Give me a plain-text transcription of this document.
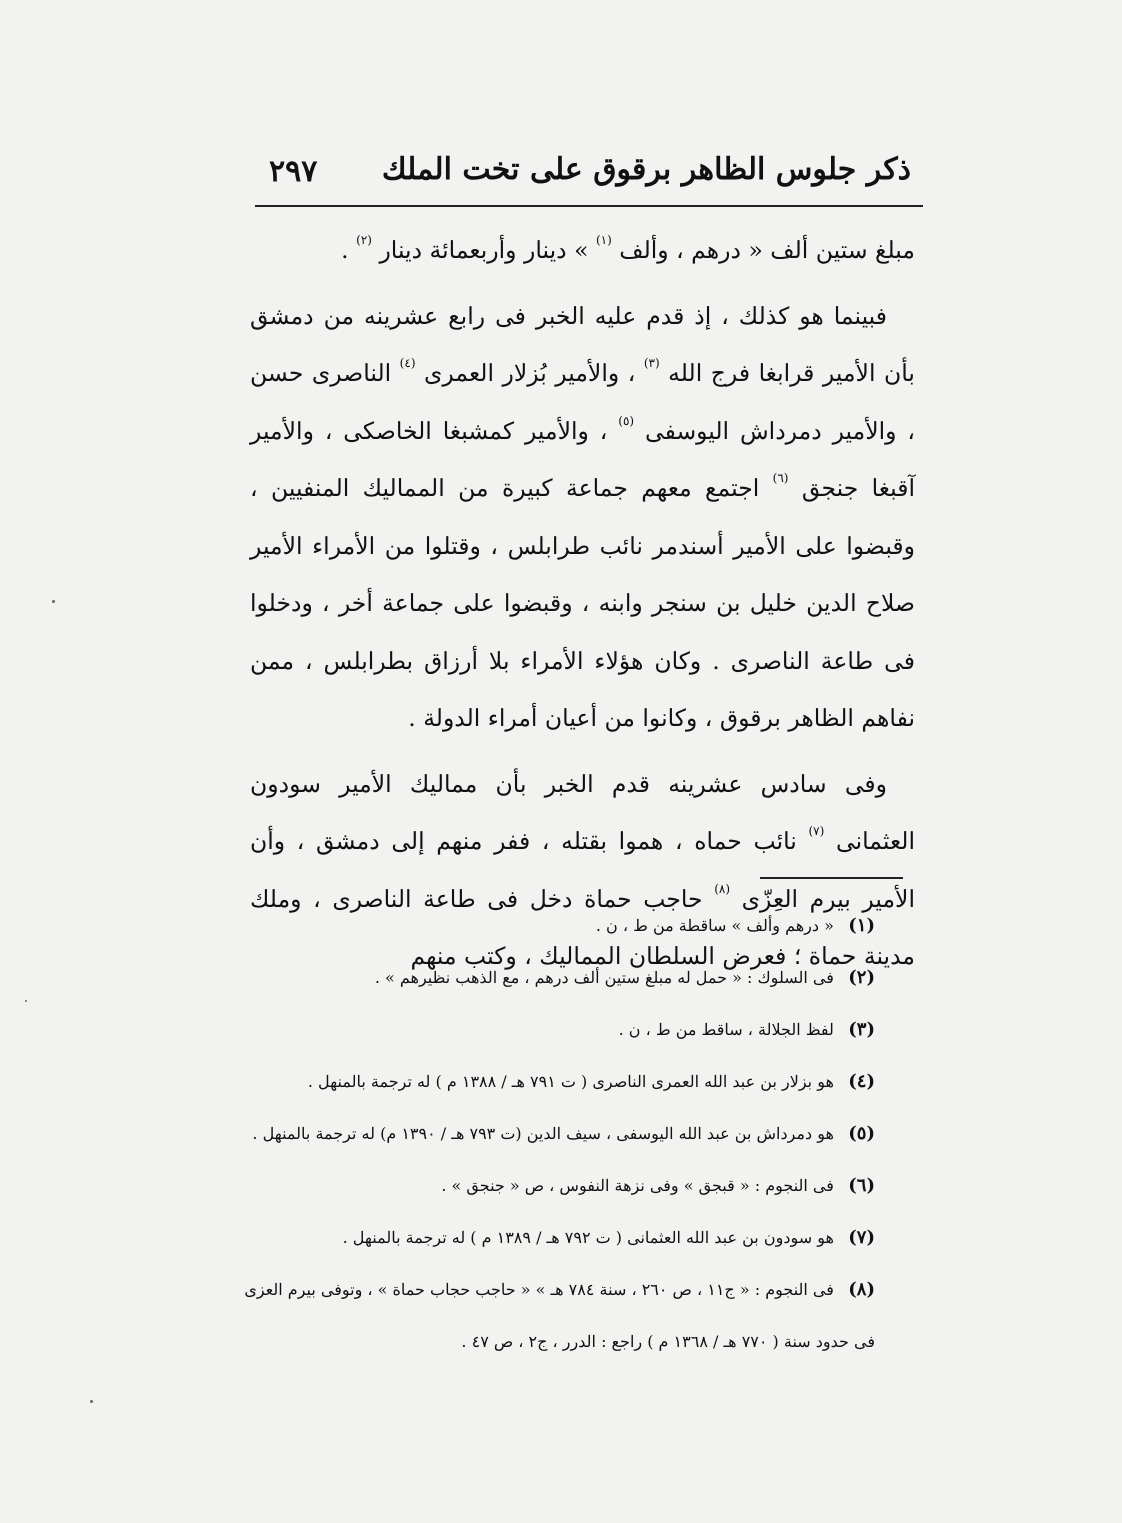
٢٩٧ ذكر جلوس الظاهر برقوق على تخت الملك

مبلغ ستين ألف « درهم ، وألف $^{(١)}$ » دينار وأربعمائة دينار $^{(٢)}$ .

فبينما هو كذلك ، إذ قدم عليه الخبر فى رابع عشرينه من دمشق بأن الأمير قرابغا فرج الله $^{(٣)}$ ، والأمير بُزلار العمرى $^{(٤)}$ الناصرى حسن ، والأمير دمرداش اليوسفى $^{(٥)}$ ، والأمير كمشبغا الخاصكى ، والأمير آقبغا جنجق $^{(٦)}$ اجتمع معهم جماعة كبيرة من المماليك المنفيين ، وقبضوا على الأمير أسندمر نائب طرابلس ، وقتلوا من الأمراء الأمير صلاح الدين خليل بن سنجر وابنه ، وقبضوا على جماعة أخر ، ودخلوا فى طاعة الناصرى . وكان هؤلاء الأمراء بلا أرزاق بطرابلس ، ممن نفاهم الظاهر برقوق ، وكانوا من أعيان أمراء الدولة .

وفى سادس عشرينه قدم الخبر بأن مماليك الأمير سودون العثمانى $^{(٧)}$ نائب حماه ، هموا بقتله ، ففر منهم إلى دمشق ، وأن الأمير بيرم العِزّى $^{(٨)}$ حاجب حماة دخل فى طاعة الناصرى ، وملك مدينة حماة ؛ فعرض السلطان المماليك ، وكتب منهم

(١) « درهم وألف » ساقطة من ط ، ن .

(٢) فى السلوك : « حمل له مبلغ ستين ألف درهم ، مع الذهب نظيرهم » .

(٣) لفظ الجلالة ، ساقط من ط ، ن .

(٤) هو بزلار بن عبد الله العمرى الناصرى ( ت ٧٩١ هـ / ١٣٨٨ م ) له ترجمة بالمنهل .

(٥) هو دمرداش بن عبد الله اليوسفى ، سيف الدين (ت ٧٩٣ هـ / ١٣٩٠ م) له ترجمة بالمنهل .

(٦) فى النجوم : « قبجق » وفى نزهة النفوس ، ص « جنجق » .

(٧) هو سودون بن عبد الله العثمانى ( ت ٧٩٢ هـ / ١٣٨٩ م ) له ترجمة بالمنهل .

(٨) فى النجوم : « ج١١ ، ص ٢٦٠ ، سنة ٧٨٤ هـ » « حاجب حجاب حماة » ، وتوفى بيرم العزى فى حدود سنة ( ٧٧٠ هـ / ١٣٦٨ م ) راجع : الدرر ، ج٢ ، ص ٤٧ .
